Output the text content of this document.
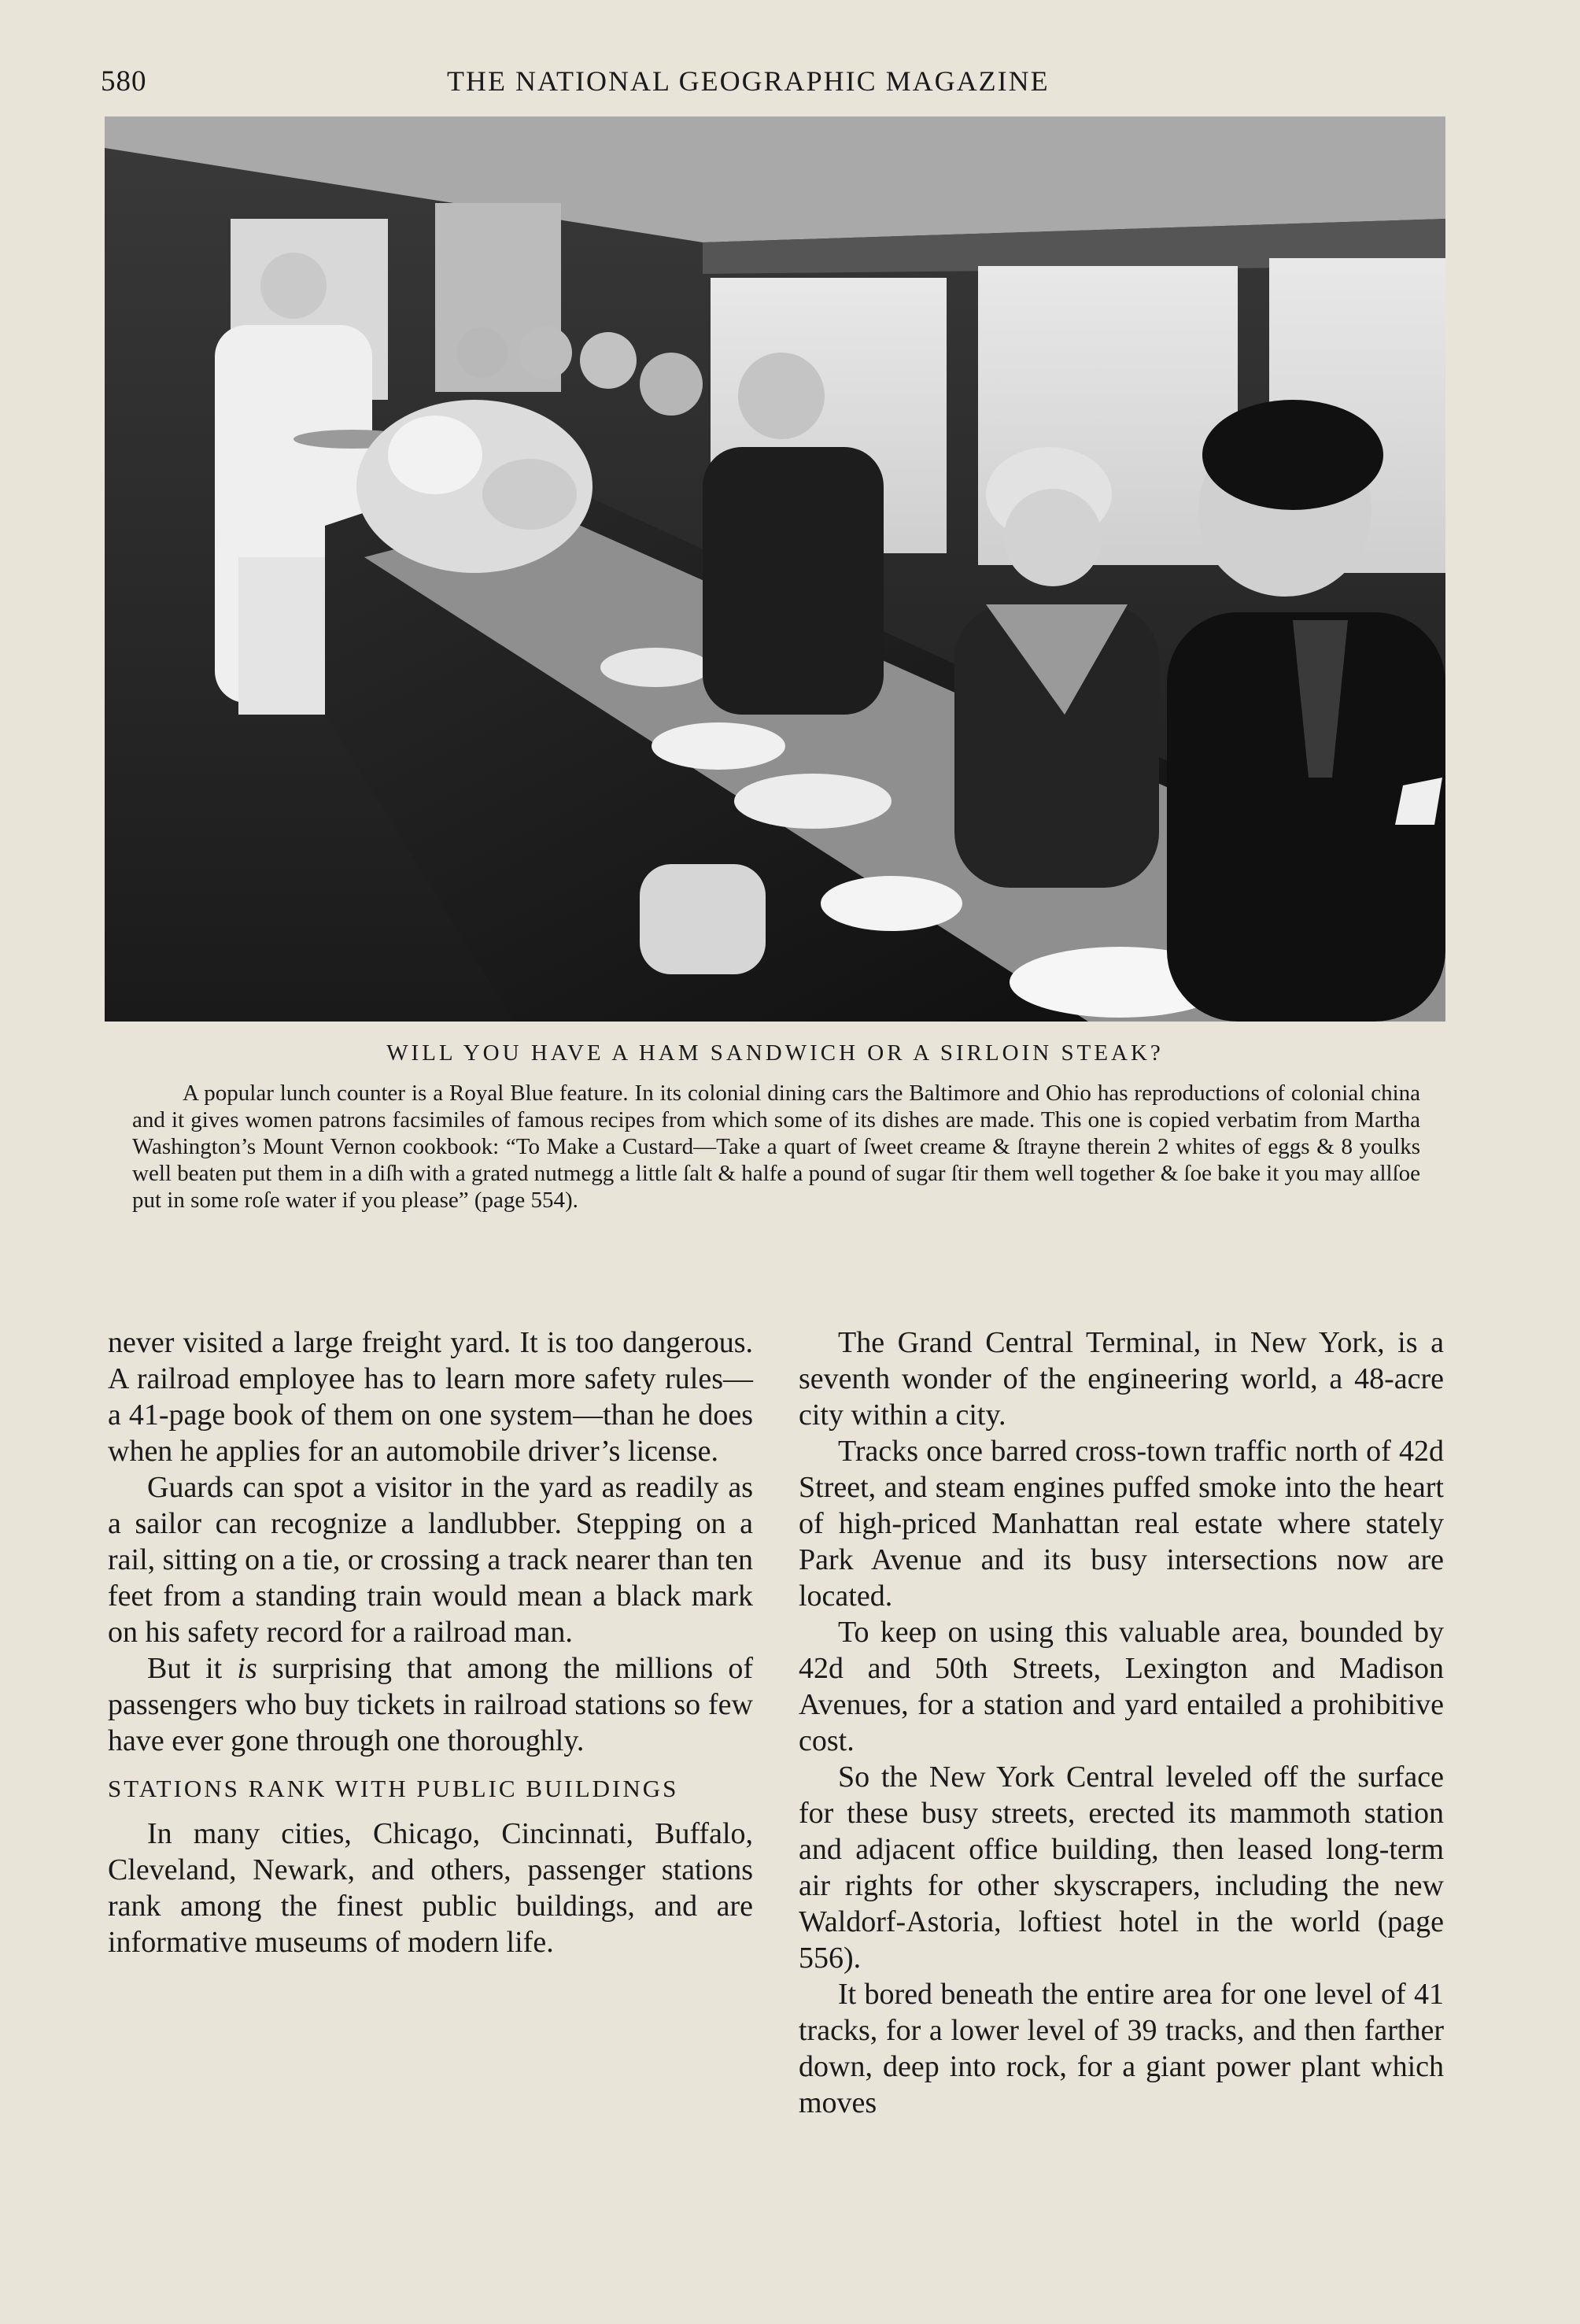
580	THE NATIONAL GEOGRAPHIC MAGAZINE
WILL YOU HAVE A HAM SANDWICH OR A SIRLOIN STEAK?

A popular lunch counter is a Royal Blue feature. In its colonial dining cars the Baltimore and Ohio has reproductions of colonial china and it gives women patrons facsimiles of famous recipes from which some of its dishes are made. This one is copied verbatim from Martha Washington’s Mount Vernon cookbook: “To Make a Custard—Take a quart of ſweet creame & ſtrayne therein 2 whites of eggs & 8 youlks well beaten put them in a diſh with a grated nutmegg a little ſalt & halfe a pound of sugar ſtir them well together & ſoe bake it you may allſoe put in some roſe water if you please” (page 554).

never visited a large freight yard. It is too dangerous. A railroad employee has to learn more safety rules—a 41-page book of them on one system—than he does when he applies for an automobile driver’s license.

Guards can spot a visitor in the yard as readily as a sailor can recognize a landlubber. Stepping on a rail, sitting on a tie, or crossing a track nearer than ten feet from a standing train would mean a black mark on his safety record for a railroad man.

But it is surprising that among the millions of passengers who buy tickets in railroad stations so few have ever gone through one thoroughly.

STATIONS RANK WITH PUBLIC BUILDINGS

In many cities, Chicago, Cincinnati, Buffalo, Cleveland, Newark, and others, passenger stations rank among the finest public buildings, and are informative museums of modern life.

The Grand Central Terminal, in New York, is a seventh wonder of the engineering world, a 48-acre city within a city.

Tracks once barred cross-town traffic north of 42d Street, and steam engines puffed smoke into the heart of high-priced Manhattan real estate where stately Park Avenue and its busy intersections now are located.

To keep on using this valuable area, bounded by 42d and 50th Streets, Lexington and Madison Avenues, for a station and yard entailed a prohibitive cost.

So the New York Central leveled off the surface for these busy streets, erected its mammoth station and adjacent office building, then leased long-term air rights for other skyscrapers, including the new Waldorf-Astoria, loftiest hotel in the world (page 556).

It bored beneath the entire area for one level of 41 tracks, for a lower level of 39 tracks, and then farther down, deep into rock, for a giant power plant which moves
